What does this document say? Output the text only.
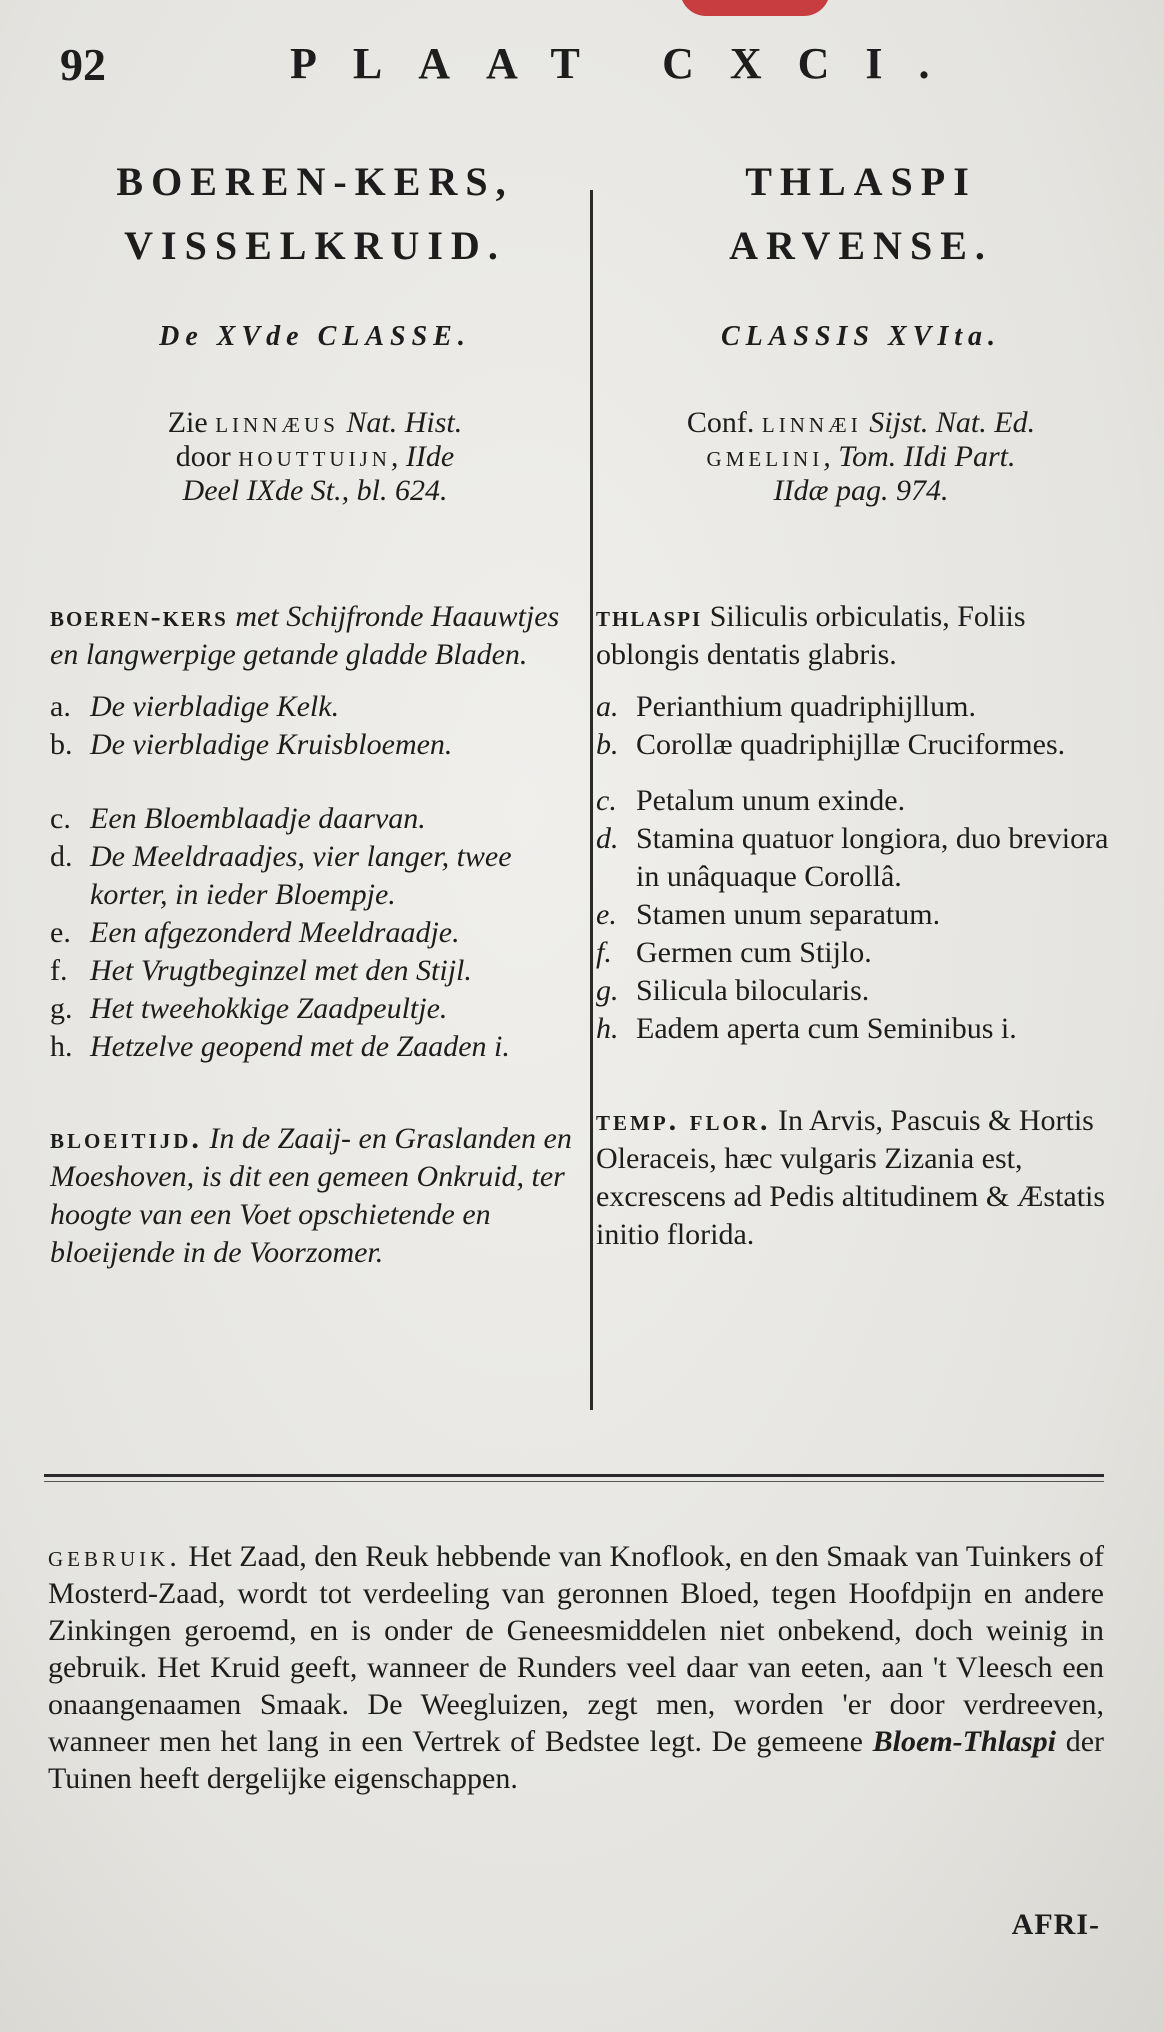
92	PLAAT CXCI.

BOEREN-KERS,

VISSELKRUID.

De XVde CLASSE.
Zie linnæus Nat. Hist.
door houttuijn, IIde
Deel IXde St., bl. 624.
boeren-kers met Schijfronde Haauwtjes en langwerpige getande gladde Bladen.
a. De vierbladige Kelk.
b. De vierbladige Kruisbloemen.
c. Een Bloemblaadje daarvan.
d. De Meeldraadjes, vier langer, twee korter, in ieder Bloempje.
e. Een afgezonderd Meeldraadje.
f. Het Vrugtbeginzel met den Stijl.
g. Het tweehokkige Zaadpeultje.
h. Hetzelve geopend met de Zaaden i.
bloeitijd. In de Zaaij- en Graslanden en Moeshoven, is dit een gemeen Onkruid, ter hoogte van een Voet opschietende en bloeijende in de Voorzomer.

THLASPI

ARVENSE.

CLASSIS XVIta.
Conf. linnæi Sijst. Nat. Ed.
gmelini, Tom. IIdi Part.
IIdæ pag. 974.
thlaspi Siliculis orbiculatis, Foliis oblongis dentatis glabris.
a. Perianthium quadriphijllum.
b. Corollæ quadriphijllæ Cruciformes.
c. Petalum unum exinde.
d. Stamina quatuor longiora, duo breviora in unâquaque Corollâ.
e. Stamen unum separatum.
f. Germen cum Stijlo.
g. Silicula bilocularis.
h. Eadem aperta cum Seminibus i.
temp. flor. In Arvis, Pascuis & Hortis Oleraceis, hæc vulgaris Zizania est, excrescens ad Pedis altitudinem & Æstatis initio florida.
gebruik. Het Zaad, den Reuk hebbende van Knoflook, en den Smaak van Tuinkers of Mosterd-Zaad, wordt tot verdeeling van geronnen Bloed, tegen Hoofdpijn en andere Zinkingen geroemd, en is onder de Geneesmiddelen niet onbekend, doch weinig in gebruik. Het Kruid geeft, wanneer de Runders veel daar van eeten, aan 't Vleesch een onaangenaamen Smaak. De Weegluizen, zegt men, worden 'er door verdreeven, wanneer men het lang in een Vertrek of Bedstee legt. De gemeene Bloem-Thlaspi der Tuinen heeft dergelijke eigenschappen.
AFRI-
